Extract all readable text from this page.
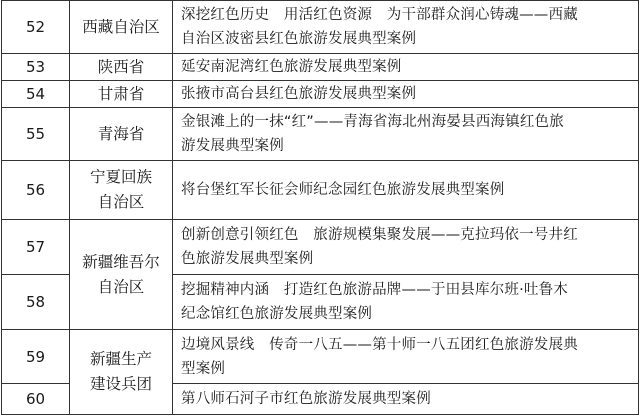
52	西藏自治区	深挖红色历史　用活红色资源　为干部群众润心铸魂——西藏
自治区波密县红色旅游发展典型案例

53	陕西省	延安南泥湾红色旅游发展典型案例

54	甘肃省	张掖市高台县红色旅游发展典型案例

55	青海省	金银滩上的一抹“红”——青海省海北州海晏县西海镇红色旅
游发展典型案例

56	宁夏回族
自治区	将台堡红军长征会师纪念园红色旅游发展典型案例

57	新疆维吾尔
自治区	创新创意引领红色　旅游规模集聚发展——克拉玛依一号井红
色旅游发展典型案例

58		挖掘精神内涵　打造红色旅游品牌——于田县库尔班·吐鲁木
纪念馆红色旅游发展典型案例

59	新疆生产
建设兵团	边境风景线　传奇一八五——第十师一八五团红色旅游发展典
型案例

60		第八师石河子市红色旅游发展典型案例
